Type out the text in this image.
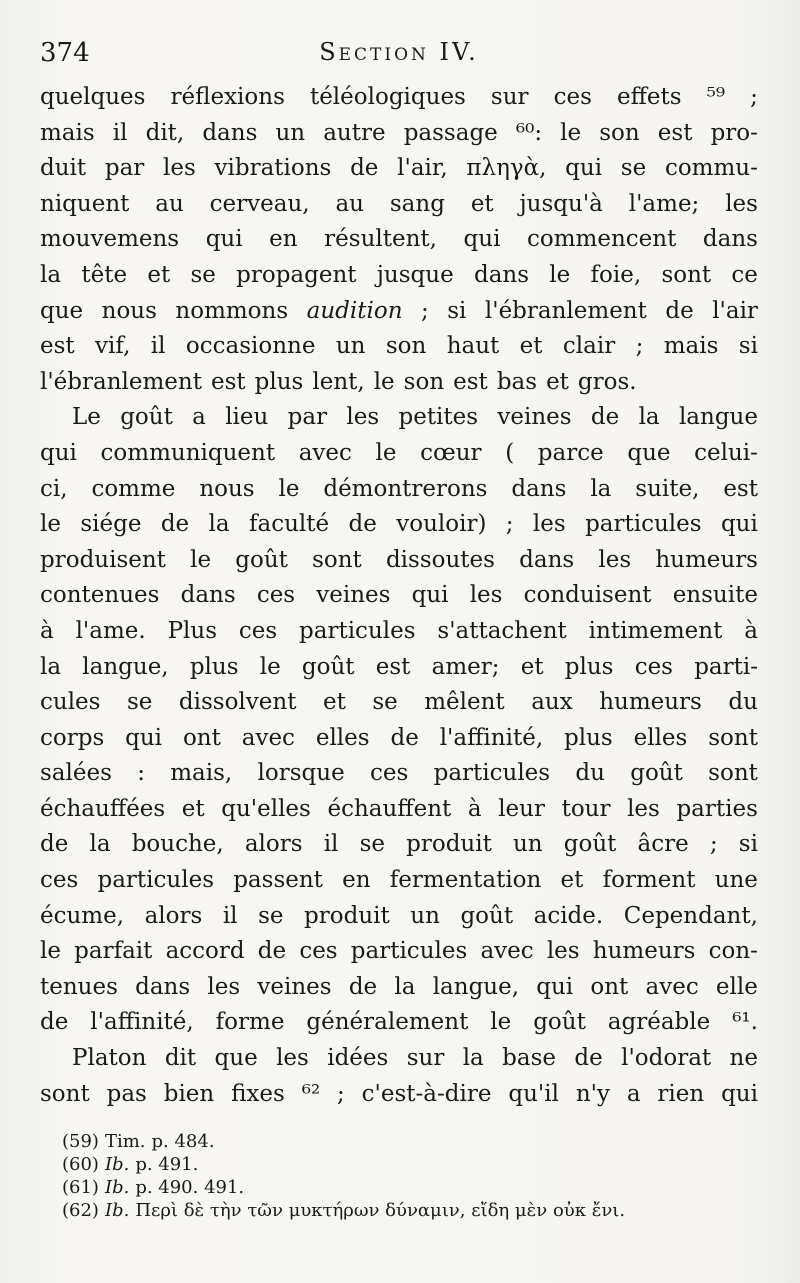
374	Section IV.
quelques réflexions téléologiques sur ces effets ⁵⁹ ;
mais il dit, dans un autre passage ⁶⁰: le son est pro-
duit par les vibrations de l'air, πληγὰ, qui se commu-
niquent au cerveau, au sang et jusqu'à l'ame; les
mouvemens qui en résultent, qui commencent dans
la tête et se propagent jusque dans le foie, sont ce
que nous nommons audition ; si l'ébranlement de l'air
est vif, il occasionne un son haut et clair ; mais si
l'ébranlement est plus lent, le son est bas et gros.
Le goût a lieu par les petites veines de la langue
qui communiquent avec le cœur ( parce que celui-
ci, comme nous le démontrerons dans la suite, est
le siége de la faculté de vouloir) ; les particules qui
produisent le goût sont dissoutes dans les humeurs
contenues dans ces veines qui les conduisent ensuite
à l'ame. Plus ces particules s'attachent intimement à
la langue, plus le goût est amer; et plus ces parti-
cules se dissolvent et se mêlent aux humeurs du
corps qui ont avec elles de l'affinité, plus elles sont
salées : mais, lorsque ces particules du goût sont
échauffées et qu'elles échauffent à leur tour les parties
de la bouche, alors il se produit un goût âcre ; si
ces particules passent en fermentation et forment une
écume, alors il se produit un goût acide. Cependant,
le parfait accord de ces particules avec les humeurs con-
tenues dans les veines de la langue, qui ont avec elle
de l'affinité, forme généralement le goût agréable ⁶¹.
Platon dit que les idées sur la base de l'odorat ne
sont pas bien fixes ⁶² ; c'est-à-dire qu'il n'y a rien qui
(59) Tim. p. 484.
(60) Ib. p. 491.
(61) Ib. p. 490. 491.
(62) Ib. Περὶ δὲ τὴν τῶν μυκτήρων δύναμιν, εἴδη μὲν οὐκ ἔνι.
